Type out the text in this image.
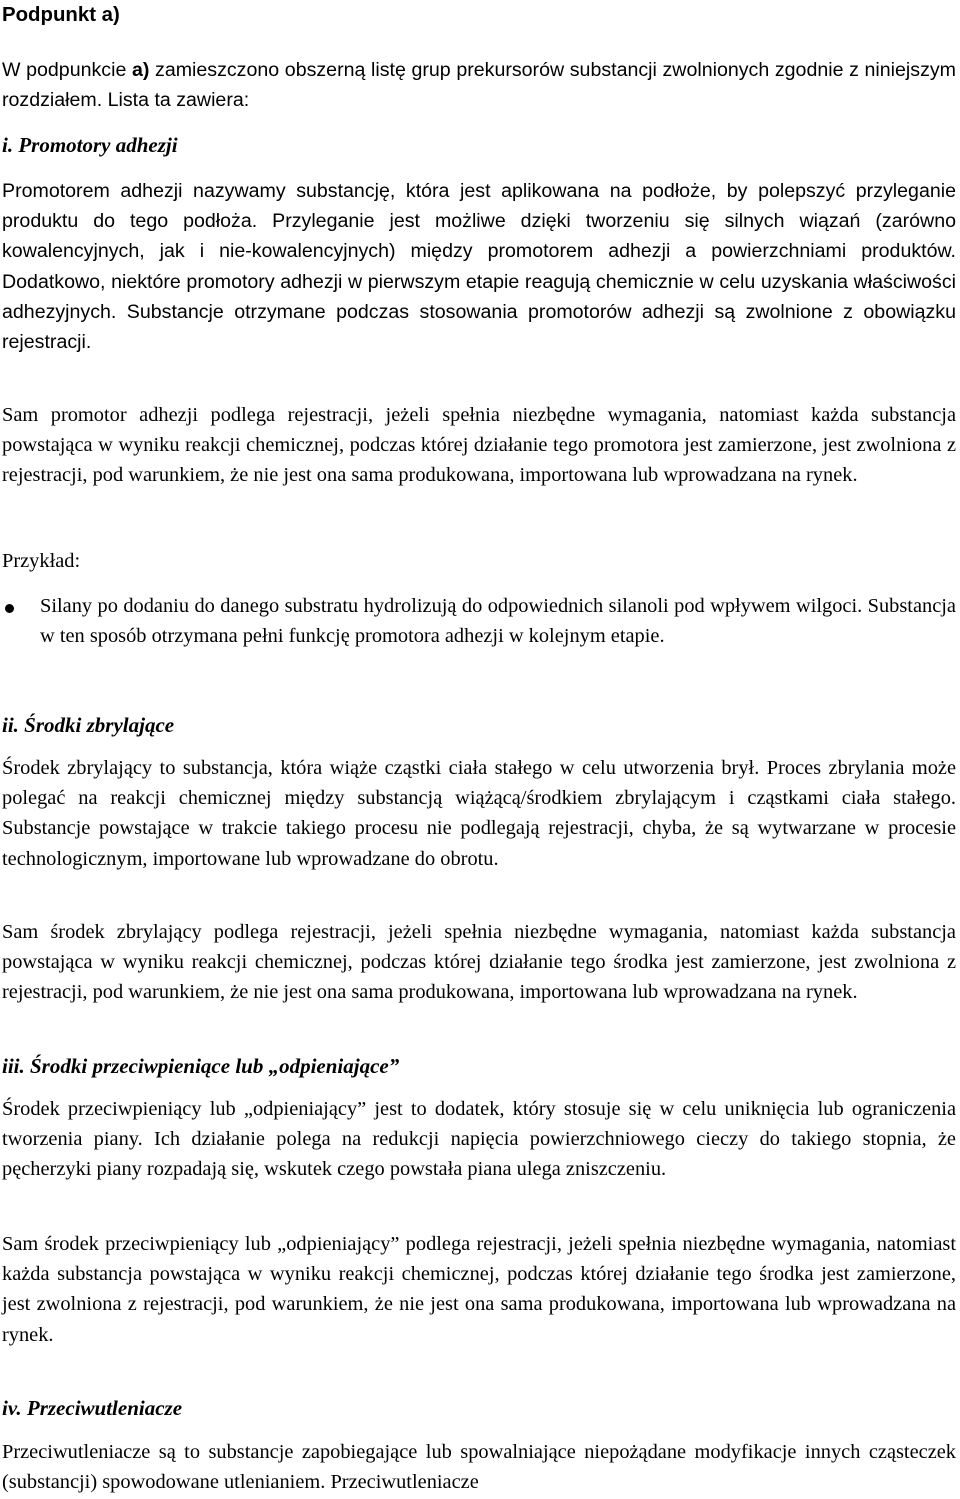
Podpunkt a)

W podpunkcie a) zamieszczono obszerną listę grup prekursorów substancji zwolnionych zgodnie z niniejszym rozdziałem. Lista ta zawiera:

i. Promotory adhezji

Promotorem adhezji nazywamy substancję, która jest aplikowana na podłoże, by polepszyć przyleganie produktu do tego podłoża. Przyleganie jest możliwe dzięki tworzeniu się silnych wiązań (zarówno kowalencyjnych, jak i nie-kowalencyjnych) między promotorem adhezji a powierzchniami produktów. Dodatkowo, niektóre promotory adhezji w pierwszym etapie reagują chemicznie w celu uzyskania właściwości adhezyjnych. Substancje otrzymane podczas stosowania promotorów adhezji są zwolnione z obowiązku rejestracji.

Sam promotor adhezji podlega rejestracji, jeżeli spełnia niezbędne wymagania, natomiast każda substancja powstająca w wyniku reakcji chemicznej, podczas której działanie tego promotora jest zamierzone, jest zwolniona z rejestracji, pod warunkiem, że nie jest ona sama produkowana, importowana lub wprowadzana na rynek.

Przykład:

Silany po dodaniu do danego substratu hydrolizują do odpowiednich silanoli pod wpływem wilgoci. Substancja w ten sposób otrzymana pełni funkcję promotora adhezji w kolejnym etapie.

ii. Środki zbrylające

Środek zbrylający to substancja, która wiąże cząstki ciała stałego w celu utworzenia brył. Proces zbrylania może polegać na reakcji chemicznej między substancją wiążącą/środkiem zbrylającym i cząstkami ciała stałego. Substancje powstające w trakcie takiego procesu nie podlegają rejestracji, chyba, że są wytwarzane w procesie technologicznym, importowane lub wprowadzane do obrotu.

Sam środek zbrylający podlega rejestracji, jeżeli spełnia niezbędne wymagania, natomiast każda substancja powstająca w wyniku reakcji chemicznej, podczas której działanie tego środka jest zamierzone, jest zwolniona z rejestracji, pod warunkiem, że nie jest ona sama produkowana, importowana lub wprowadzana na rynek.

iii. Środki przeciwpieniące lub „odpieniające”

Środek przeciwpieniący lub „odpieniający” jest to dodatek, który stosuje się w celu uniknięcia lub ograniczenia tworzenia piany. Ich działanie polega na redukcji napięcia powierzchniowego cieczy do takiego stopnia, że pęcherzyki piany rozpadają się, wskutek czego powstała piana ulega zniszczeniu.

Sam środek przeciwpieniący lub „odpieniający” podlega rejestracji, jeżeli spełnia niezbędne wymagania, natomiast każda substancja powstająca w wyniku reakcji chemicznej, podczas której działanie tego środka jest zamierzone, jest zwolniona z rejestracji, pod warunkiem, że nie jest ona sama produkowana, importowana lub wprowadzana na rynek.

iv. Przeciwutleniacze

Przeciwutleniacze są to substancje zapobiegające lub spowalniające niepożądane modyfikacje innych cząsteczek (substancji) spowodowane utlenianiem. Przeciwutleniacze
